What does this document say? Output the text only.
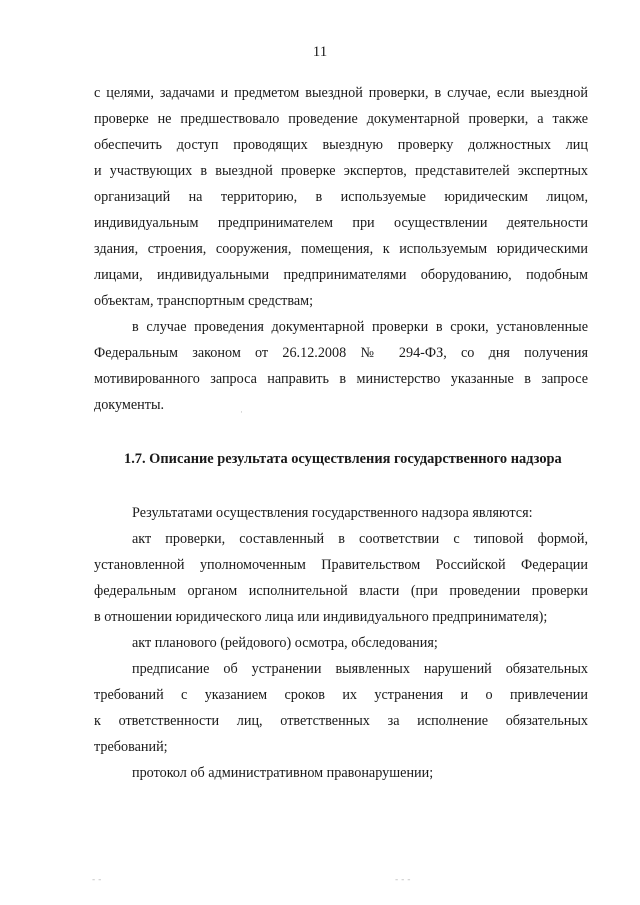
11
с целями, задачами и предметом выездной проверки, в случае, если выездной
проверке не предшествовало проведение документарной проверки, а также
обеспечить доступ проводящих выездную проверку должностных лиц
и участвующих в выездной проверке экспертов, представителей экспертных
организаций на территорию, в используемые юридическим лицом,
индивидуальным предпринимателем при осуществлении деятельности
здания, строения, сооружения, помещения, к используемым юридическими
лицами, индивидуальными предпринимателями оборудованию, подобным
объектам, транспортным средствам;
в случае проведения документарной проверки в сроки, установленные
Федеральным законом от 26.12.2008 № 294-ФЗ, со дня получения
мотивированного запроса направить в министерство указанные в запросе
документы.
1.7. Описание результата осуществления государственного надзора
Результатами осуществления государственного надзора являются:
акт проверки, составленный в соответствии с типовой формой,
установленной уполномоченным Правительством Российской Федерации
федеральным органом исполнительной власти (при проведении проверки
в отношении юридического лица или индивидуального предпринимателя);
акт планового (рейдового) осмотра, обследования;
предписание об устранении выявленных нарушений обязательных
требований с указанием сроков их устранения и о привлечении
к ответственности лиц, ответственных за исполнение обязательных
требований;
протокол об административном правонарушении;
- -	- - -
·
